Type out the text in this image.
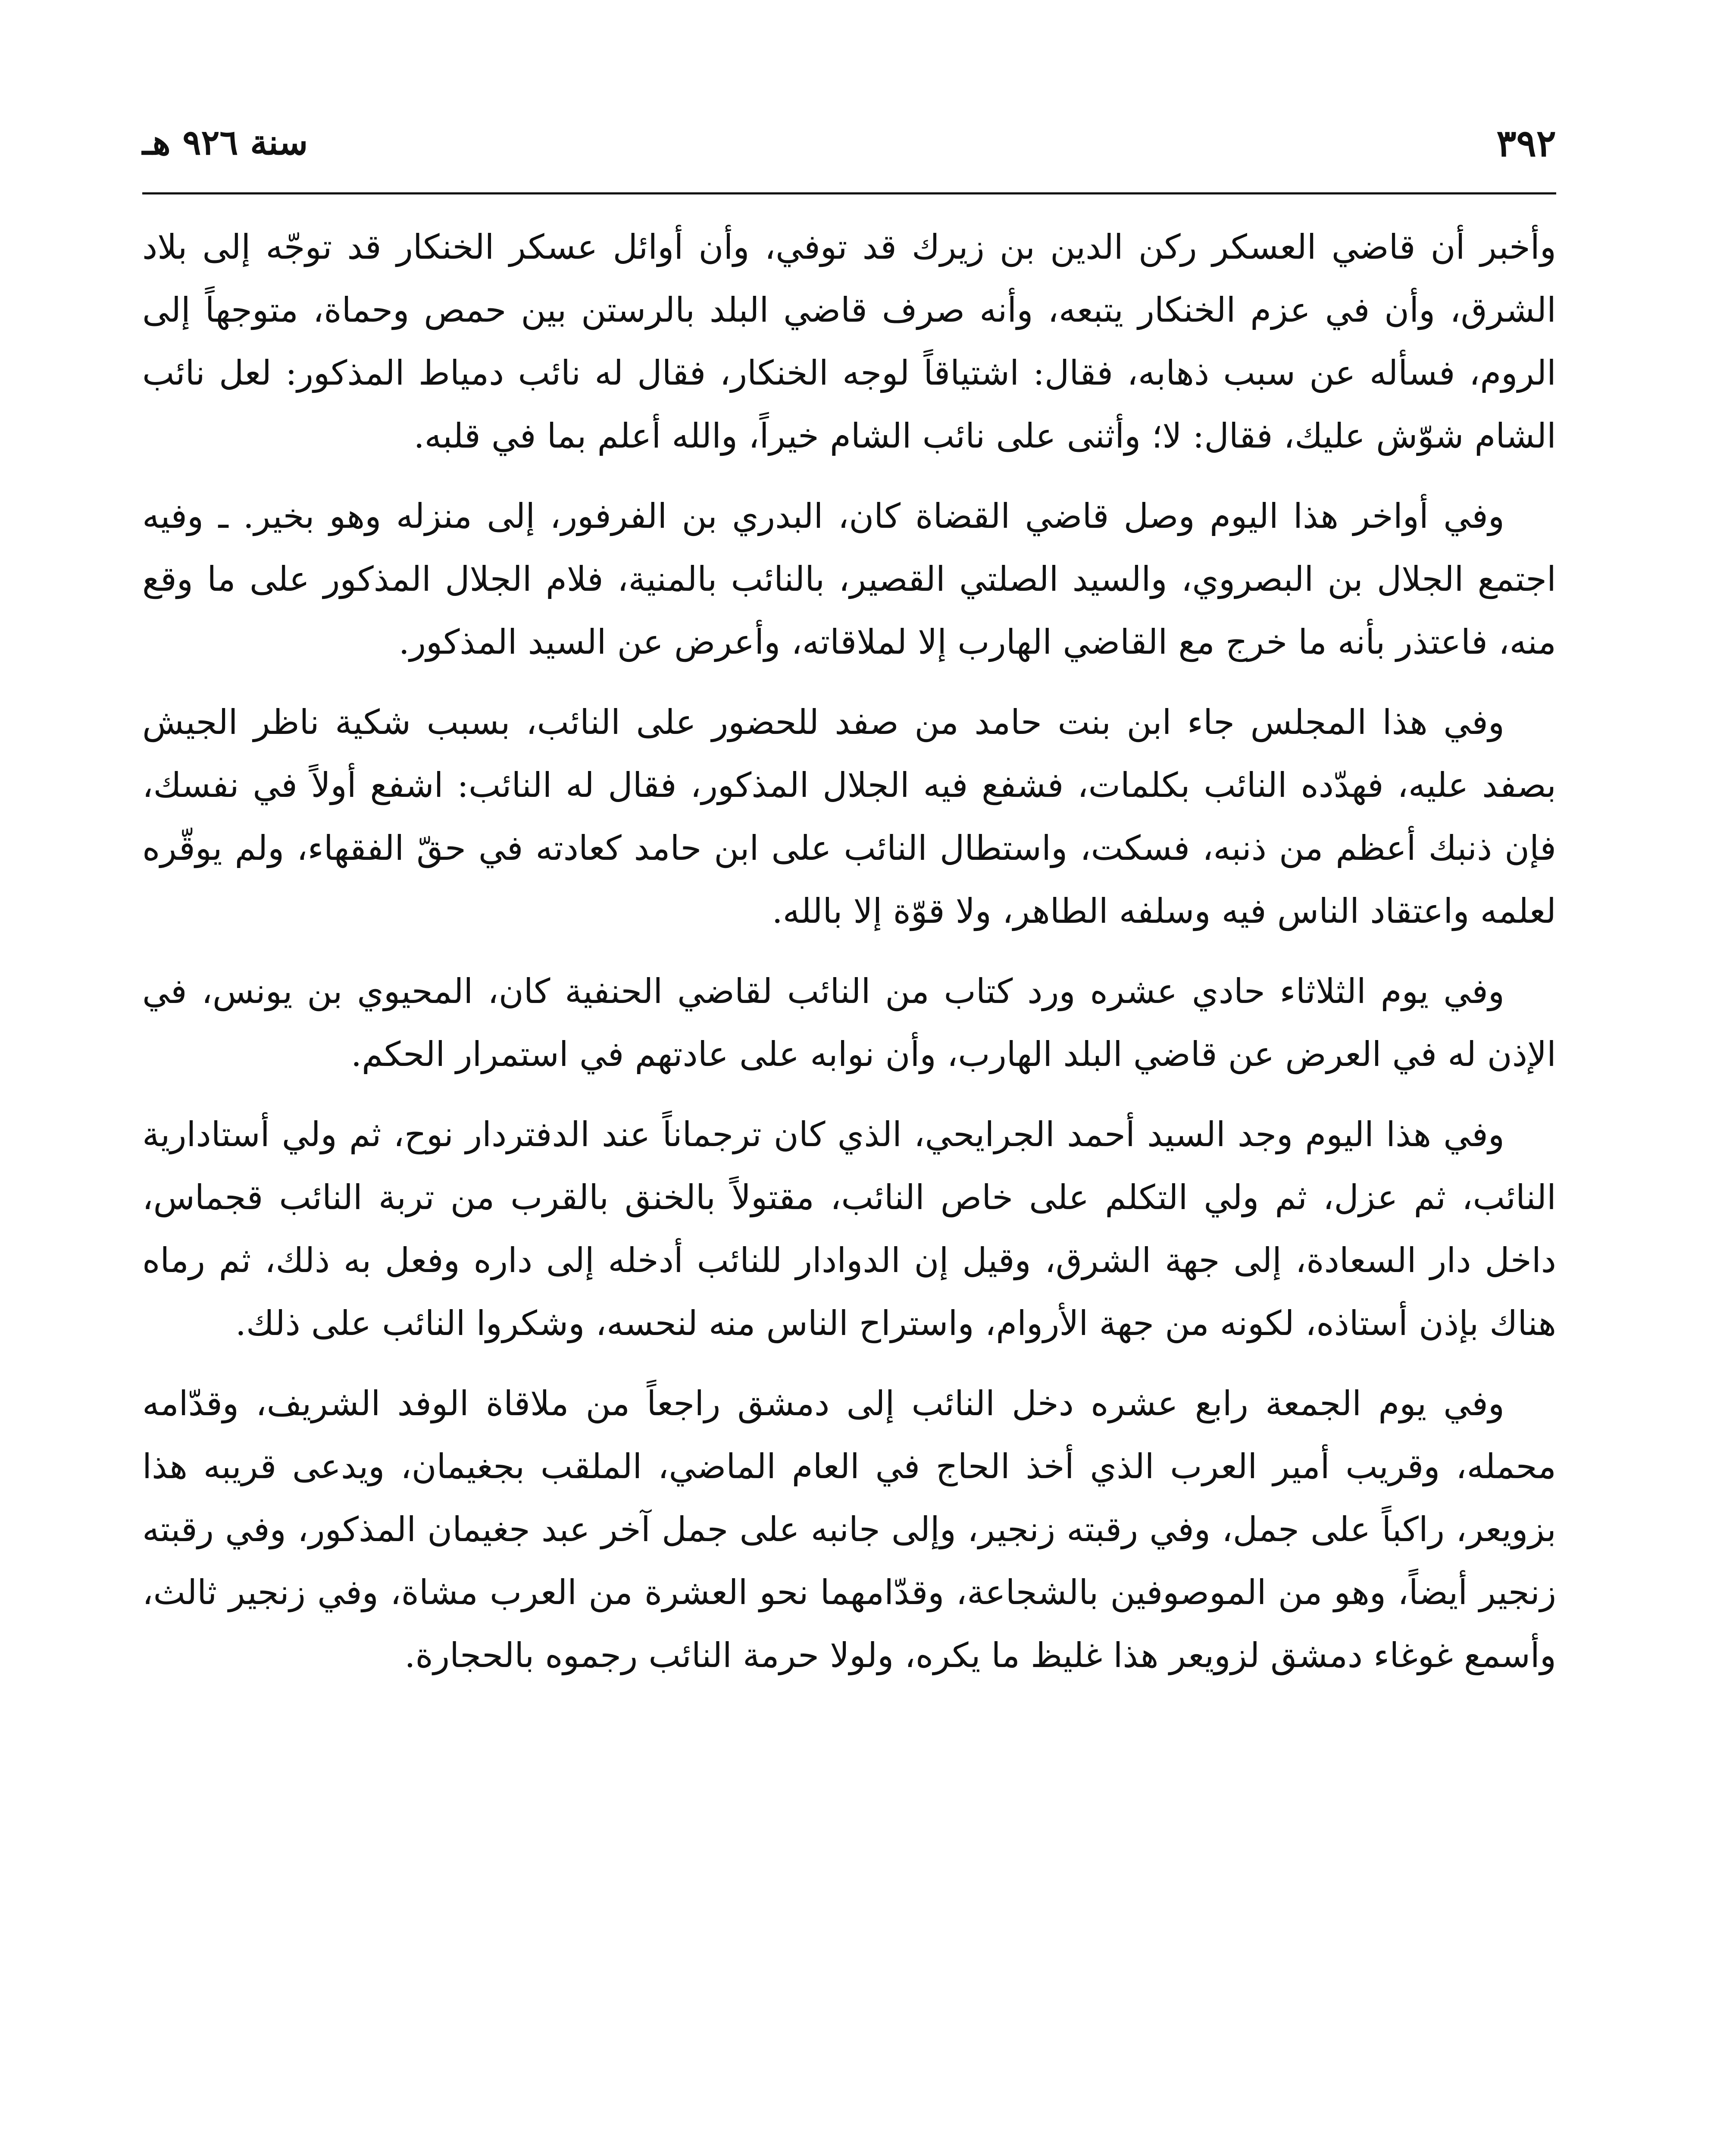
٣٩٢
سنة ٩٢٦ هـ

وأخبر أن قاضي العسكر ركن الدين بن زيرك قد توفي، وأن أوائل عسكر الخنكار قد توجّه إلى بلاد الشرق، وأن في عزم الخنكار يتبعه، وأنه صرف قاضي البلد بالرستن بين حمص وحماة، متوجهاً إلى الروم، فسأله عن سبب ذهابه، فقال: اشتياقاً لوجه الخنكار، فقال له نائب دمياط المذكور: لعل نائب الشام شوّش عليك، فقال: لا؛ وأثنى على نائب الشام خيراً، والله أعلم بما في قلبه.

وفي أواخر هذا اليوم وصل قاضي القضاة كان، البدري بن الفرفور، إلى منزله وهو بخير. ـ وفيه اجتمع الجلال بن البصروي، والسيد الصلتي القصير، بالنائب بالمنية، فلام الجلال المذكور على ما وقع منه، فاعتذر بأنه ما خرج مع القاضي الهارب إلا لملاقاته، وأعرض عن السيد المذكور.

وفي هذا المجلس جاء ابن بنت حامد من صفد للحضور على النائب، بسبب شكية ناظر الجيش بصفد عليه، فهدّده النائب بكلمات، فشفع فيه الجلال المذكور، فقال له النائب: اشفع أولاً في نفسك، فإن ذنبك أعظم من ذنبه، فسكت، واستطال النائب على ابن حامد كعادته في حقّ الفقهاء، ولم يوقّره لعلمه واعتقاد الناس فيه وسلفه الطاهر، ولا قوّة إلا بالله.

وفي يوم الثلاثاء حادي عشره ورد كتاب من النائب لقاضي الحنفية كان، المحيوي بن يونس، في الإذن له في العرض عن قاضي البلد الهارب، وأن نوابه على عادتهم في استمرار الحكم.

وفي هذا اليوم وجد السيد أحمد الجرايحي، الذي كان ترجماناً عند الدفتردار نوح، ثم ولي أستادارية النائب، ثم عزل، ثم ولي التكلم على خاص النائب، مقتولاً بالخنق بالقرب من تربة النائب قجماس، داخل دار السعادة، إلى جهة الشرق، وقيل إن الدوادار للنائب أدخله إلى داره وفعل به ذلك، ثم رماه هناك بإذن أستاذه، لكونه من جهة الأروام، واستراح الناس منه لنحسه، وشكروا النائب على ذلك.

وفي يوم الجمعة رابع عشره دخل النائب إلى دمشق راجعاً من ملاقاة الوفد الشريف، وقدّامه محمله، وقريب أمير العرب الذي أخذ الحاج في العام الماضي، الملقب بجغيمان، ويدعى قريبه هذا بزويعر، راكباً على جمل، وفي رقبته زنجير، وإلى جانبه على جمل آخر عبد جغيمان المذكور، وفي رقبته زنجير أيضاً، وهو من الموصوفين بالشجاعة، وقدّامهما نحو العشرة من العرب مشاة، وفي زنجير ثالث، وأسمع غوغاء دمشق لزويعر هذا غليظ ما يكره، ولولا حرمة النائب رجموه بالحجارة.
